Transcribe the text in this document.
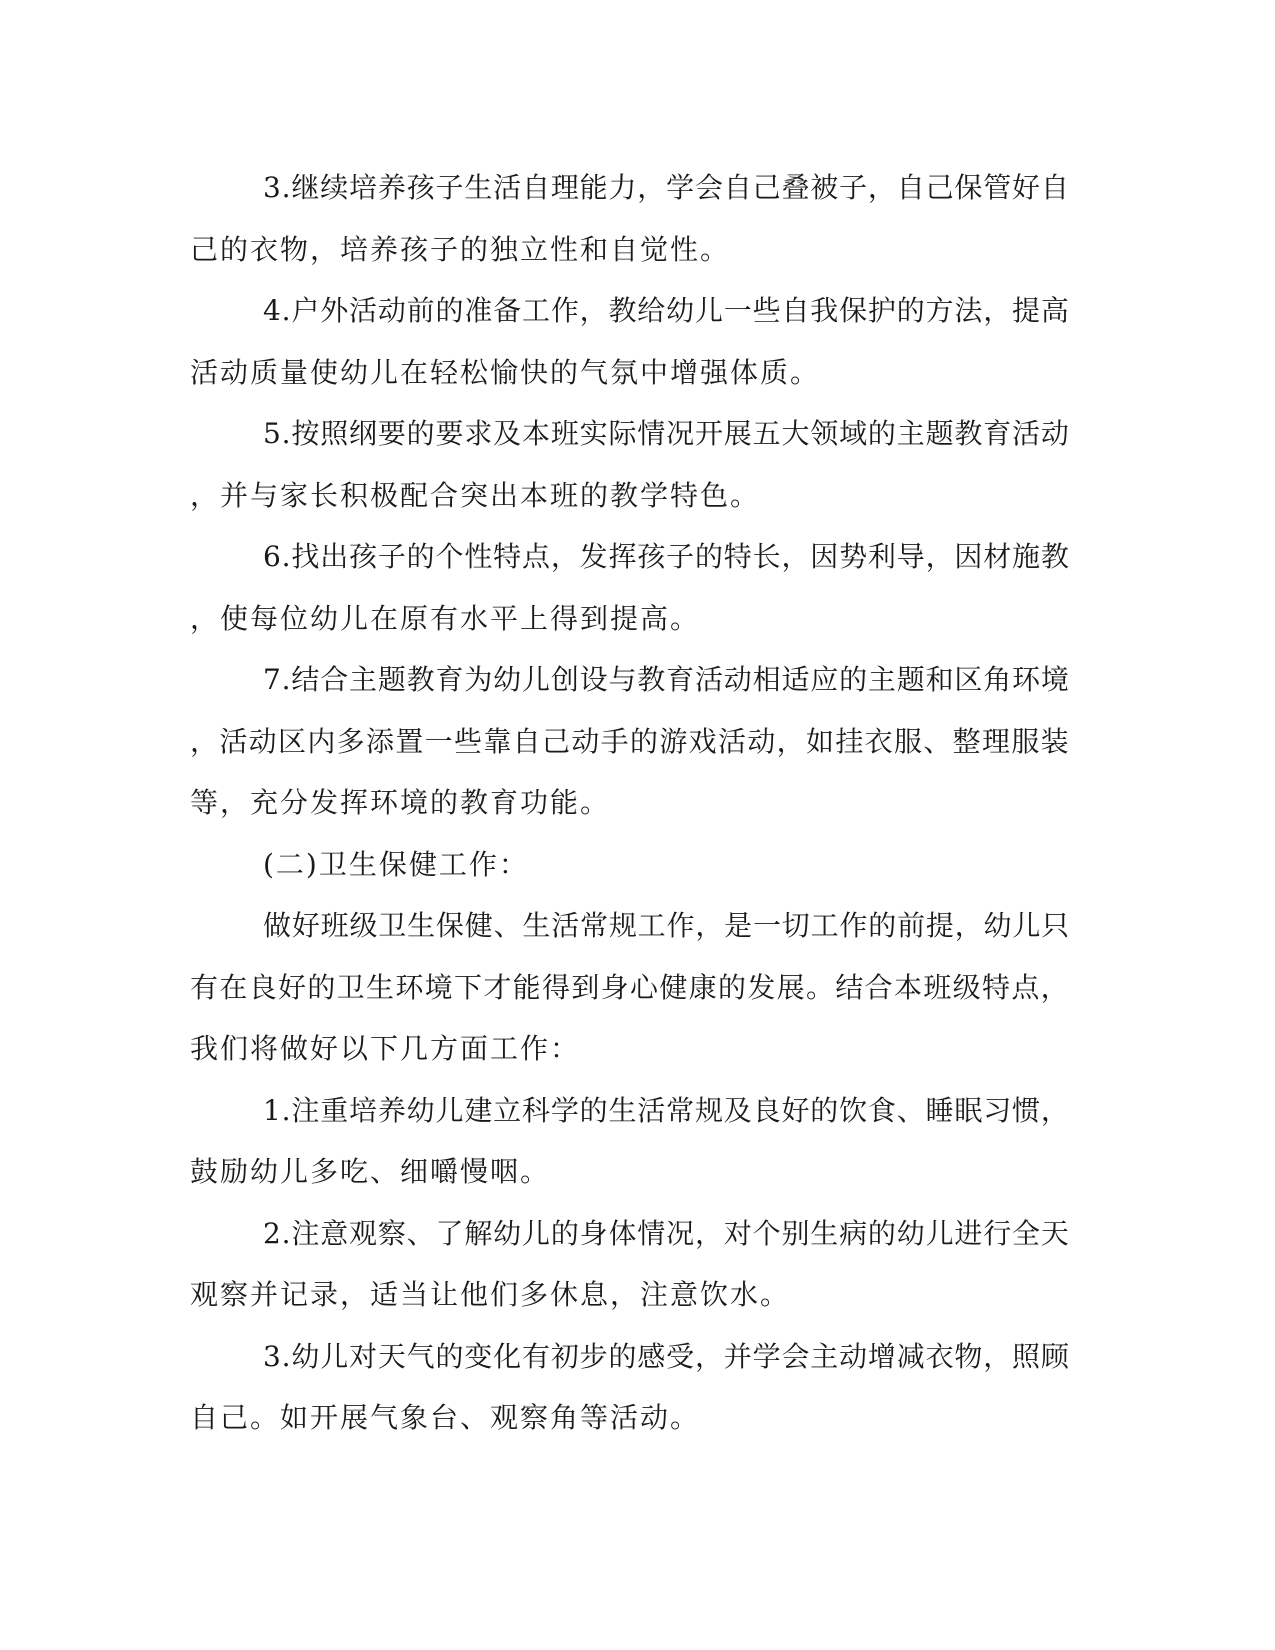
3.继续培养孩子生活自理能力，学会自己叠被子，自己保管好自
己的衣物，培养孩子的独立性和自觉性。
4.户外活动前的准备工作，教给幼儿一些自我保护的方法，提高
活动质量使幼儿在轻松愉快的气氛中增强体质。
5.按照纲要的要求及本班实际情况开展五大领域的主题教育活动
，并与家长积极配合突出本班的教学特色。
6.找出孩子的个性特点，发挥孩子的特长，因势利导，因材施教
，使每位幼儿在原有水平上得到提高。
7.结合主题教育为幼儿创设与教育活动相适应的主题和区角环境
，活动区内多添置一些靠自己动手的游戏活动，如挂衣服、整理服装
等，充分发挥环境的教育功能。
(二)卫生保健工作：
做好班级卫生保健、生活常规工作，是一切工作的前提，幼儿只
有在良好的卫生环境下才能得到身心健康的发展。结合本班级特点，
我们将做好以下几方面工作：
1.注重培养幼儿建立科学的生活常规及良好的饮食、睡眠习惯，
鼓励幼儿多吃、细嚼慢咽。
2.注意观察、了解幼儿的身体情况，对个别生病的幼儿进行全天
观察并记录，适当让他们多休息，注意饮水。
3.幼儿对天气的变化有初步的感受，并学会主动增减衣物，照顾
自己。如开展气象台、观察角等活动。
